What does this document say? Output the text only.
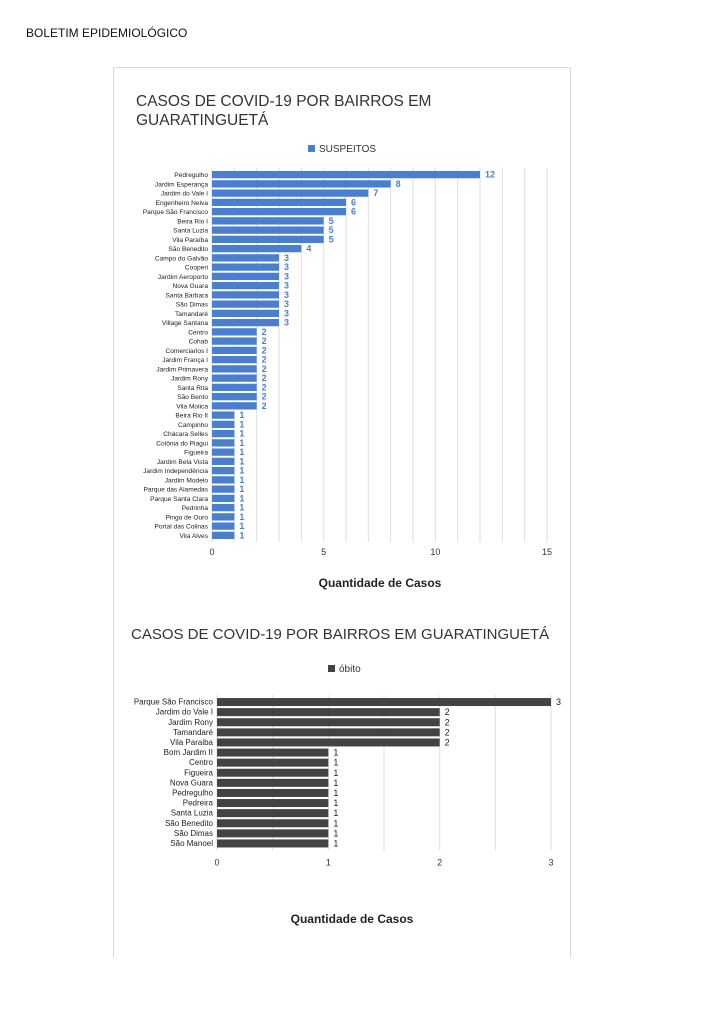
BOLETIM EPIDEMIOLÓGICO
CASOS DE COVID-19 POR BAIRROS EM
GUARATINGUETÁ
SUSPEITOS
Pedregulho
Jardim Esperança
Jardim do Vale I
Engenheiro Neiva
Parque São Francisco
Beira Rio I
Santa Luzia
Vila Paraíba
São Benedito
Campo do Galvão
Cooperi
Jardim Aeroporto
Nova Guara
Santa Barbara
São Dimas
Tamandaré
Village Santana
Centro
Cohab
Comerciarios I
Jardim França I
Jardim Primavera
Jardim Rony
Santa Rita
São Bento
Vila Molica
Beira Rio II
Campinho
Chácara Selles
Colônia do Piagui
Figueira
Jardim Bela Vista
Jardim Independência
Jardim Modelo
Parque das Alamedas
Parque Santa Clara
Pedrinha
Pingo de Ouro
Portal das Colinas
Vila Alves
12
8
7
6
6
5
5
5
4
3
3
3
3
3
3
3
3
2
2
2
2
2
2
2
2
2
1
1
1
1
1
1
1
1
1
1
1
1
1
1
0	5	10	15
Quantidade de Casos
CASOS DE COVID-19 POR BAIRROS EM GUARATINGUETÁ
óbito
Parque São Francisco
Jardim do Vale I
Jardim Rony
Tamandaré
Vila Paraiba
Bom Jardim II
Centro
Figueira
Nova Guara
Pedregulho
Pedreira
Santa Luzia
São Benedito
São Dimas
São Manoel
3
2
2
2
2
1
1
1
1
1
1
1
1
1
1
0	1	2	3
Quantidade de Casos
